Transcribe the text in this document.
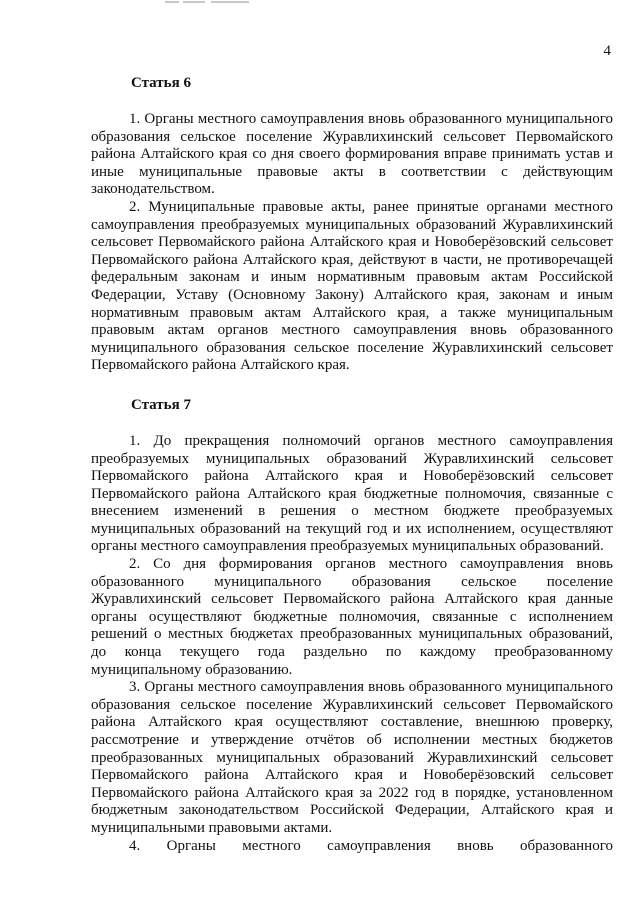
4
Статья 6

1. Органы местного самоуправления вновь образованного муниципального образования сельское поселение Журавлихинский сельсовет Первомайского района Алтайского края со дня своего формирования вправе принимать устав и иные муниципальные правовые акты в соответствии с действующим законодательством.

2. Муниципальные правовые акты, ранее принятые органами местного самоуправления преобразуемых муниципальных образований Журавлихинский сельсовет Первомайского района Алтайского края и Новоберёзовский сельсовет Первомайского района Алтайского края, действуют в части, не противоречащей федеральным законам и иным нормативным правовым актам Российской Федерации, Уставу (Основному Закону) Алтайского края, законам и иным нормативным правовым актам Алтайского края, а также муниципальным правовым актам органов местного самоуправления вновь образованного муниципального образования сельское поселение Журавлихинский сельсовет Первомайского района Алтайского края.

Статья 7

1. До прекращения полномочий органов местного самоуправления преобразуемых муниципальных образований Журавлихинский сельсовет Первомайского района Алтайского края и Новоберёзовский сельсовет Первомайского района Алтайского края бюджетные полномочия, связанные с внесением изменений в решения о местном бюджете преобразуемых муниципальных образований на текущий год и их исполнением, осуществляют органы местного самоуправления преобразуемых муниципальных образований.

2. Со дня формирования органов местного самоуправления вновь образованного муниципального образования сельское поселение Журавлихинский сельсовет Первомайского района Алтайского края данные органы осуществляют бюджетные полномочия, связанные с исполнением решений о местных бюджетах преобразованных муниципальных образований, до конца текущего года раздельно по каждому преобразованному муниципальному образованию.

3. Органы местного самоуправления вновь образованного муниципального образования сельское поселение Журавлихинский сельсовет Первомайского района Алтайского края осуществляют составление, внешнюю проверку, рассмотрение и утверждение отчётов об исполнении местных бюджетов преобразованных муниципальных образований Журавлихинский сельсовет Первомайского района Алтайского края и Новоберёзовский сельсовет Первомайского района Алтайского края за 2022 год в порядке, установленном бюджетным законодательством Российской Федерации, Алтайского края и муниципальными правовыми актами.

4. Органы местного самоуправления вновь образованного
